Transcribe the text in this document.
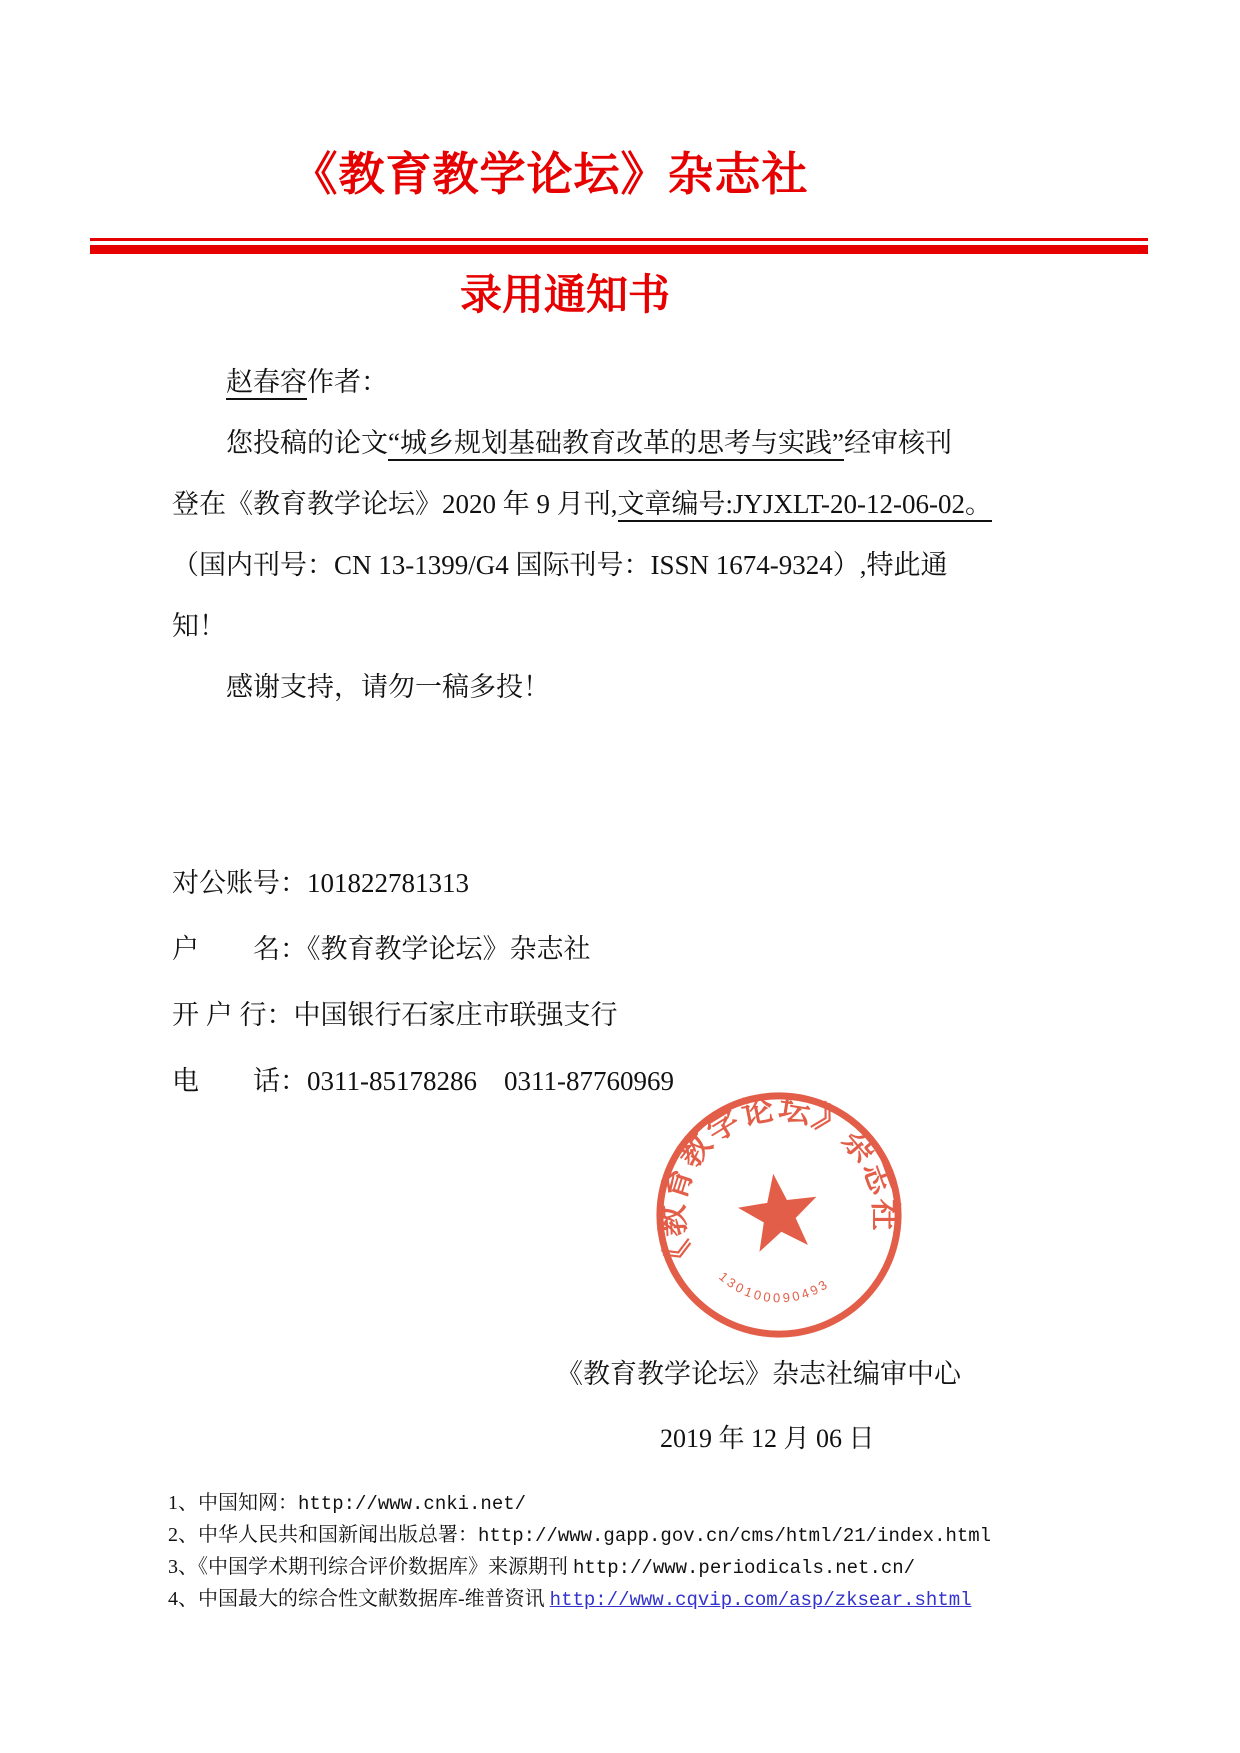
《教育教学论坛》杂志社
录用通知书
赵春容作者：
您投稿的论文“城乡规划基础教育改革的思考与实践”经审核刊
登在《教育教学论坛》2020 年 9 月刊,文章编号:JYJXLT-20-12-06-02。
（国内刊号：CN 13-1399/G4 国际刊号：ISSN 1674-9324）,特此通
知！
感谢支持，请勿一稿多投！
对公账号：101822781313
户　　名：《教育教学论坛》杂志社
开 户 行：中国银行石家庄市联强支行
电　　话：0311-85178286　0311-87760969
《教育教学论坛》杂志社
130100090493
《教育教学论坛》杂志社编审中心
2019 年 12 月 06 日
1、中国知网：http://www.cnki.net/
2、中华人民共和国新闻出版总署：http://www.gapp.gov.cn/cms/html/21/index.html
3、《中国学术期刊综合评价数据库》来源期刊 http://www.periodicals.net.cn/
4、中国最大的综合性文献数据库-维普资讯 http://www.cqvip.com/asp/zksear.shtml
